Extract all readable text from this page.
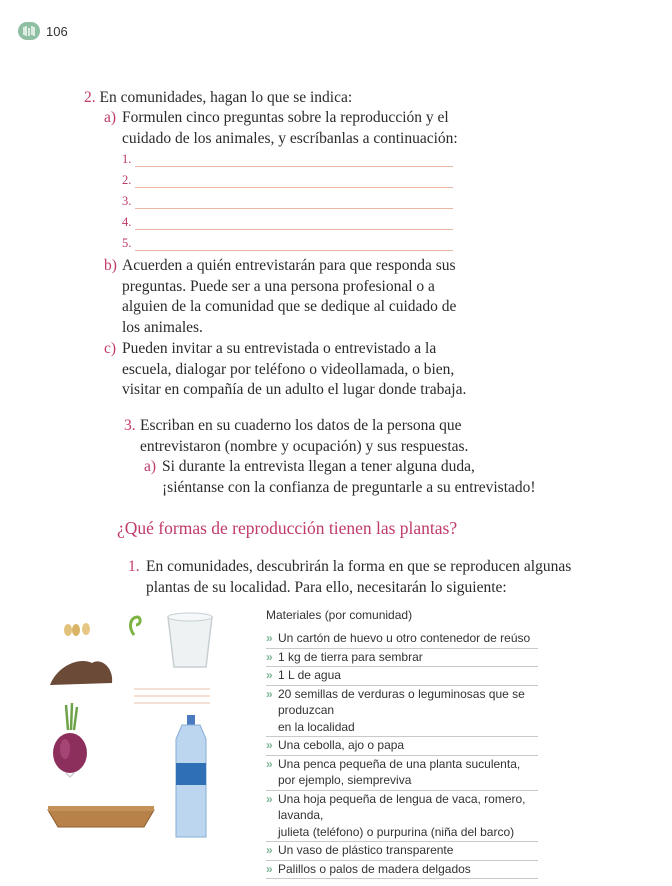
106
2. En comunidades, hagan lo que se indica:
a) Formulen cinco preguntas sobre la reproducción y el
cuidado de los animales, y escríbanlas a continuación:
1.
2.
3.
4.
5.
b) Acuerden a quién entrevistarán para que responda sus
preguntas. Puede ser a una persona profesional o a
alguien de la comunidad que se dedique al cuidado de
los animales.
c) Pueden invitar a su entrevistada o entrevistado a la
escuela, dialogar por teléfono o videollamada, o bien,
visitar en compañía de un adulto el lugar donde trabaja.
3. Escriban en su cuaderno los datos de la persona que
entrevistaron (nombre y ocupación) y sus respuestas.
a) Si durante la entrevista llegan a tener alguna duda,
¡siéntanse con la confianza de preguntarle a su entrevistado!
¿Qué formas de reproducción tienen las plantas?
1. En comunidades, descubrirán la forma en que se reproducen algunas
plantas de su localidad. Para ello, necesitarán lo siguiente:
Materiales (por comunidad)
» Un cartón de huevo u otro contenedor de reúso
» 1 kg de tierra para sembrar
» 1 L de agua
» 20 semillas de verduras o leguminosas que se produzcan
en la localidad
» Una cebolla, ajo o papa
» Una penca pequeña de una planta suculenta,
por ejemplo, siempreviva
» Una hoja pequeña de lengua de vaca, romero, lavanda,
julieta (teléfono) o purpurina (niña del barco)
» Un vaso de plástico transparente
» Palillos o palos de madera delgados
